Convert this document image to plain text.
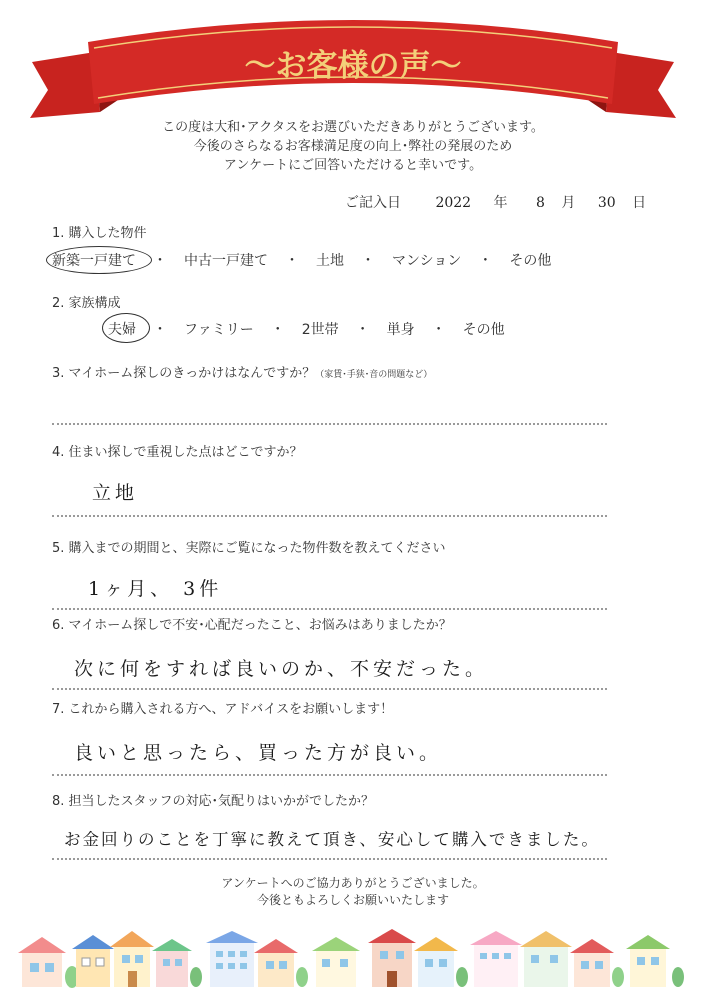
～お客様の声～
この度は大和･アクタスをお選びいただきありがとうございます。
今後のさらなるお客様満足度の向上･弊社の発展のため
アンケートにご回答いただけると幸いです。
ご記入日 2022 年 8 月 30 日
1. 購入した物件
新築一戸建て ・ 中古一戸建て ・ 土地 ・ マンション ・ その他
2. 家族構成
夫婦 ・ ファミリー ・ 2世帯 ・ 単身 ・ その他
3. マイホーム探しのきっかけはなんですか？（家賃･手狭･音の問題など）
4. 住まい探しで重視した点はどこですか？
立地
5. 購入までの期間と、実際にご覧になった物件数を教えてください
1ヶ月、 3件
6. マイホーム探しで不安･心配だったこと、お悩みはありましたか？
次に何をすれば良いのか、不安だった。
7. これから購入される方へ、アドバイスをお願いします！
良いと思ったら、買った方が良い。
8. 担当したスタッフの対応･気配りはいかがでしたか？
お金回りのことを丁寧に教えて頂き、安心して購入できました。
アンケートへのご協力ありがとうございました。
今後ともよろしくお願いいたします
